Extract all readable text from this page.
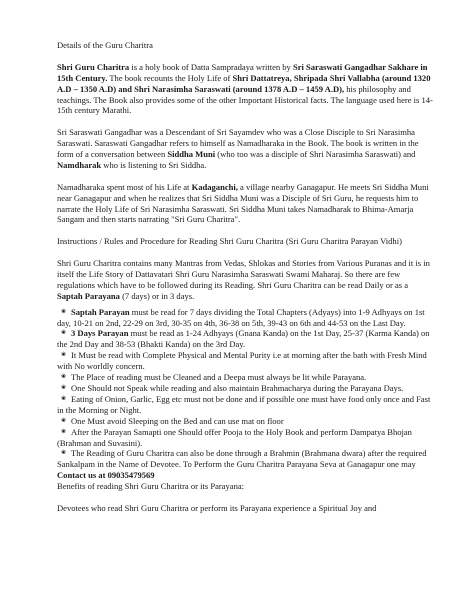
Details of the Guru Charitra

Shri Guru Charitra is a holy book of Datta Sampradaya written by Sri Saraswati Gangadhar Sakhare in 15th Century. The book recounts the Holy Life of Shri Dattatreya, Shripada Shri Vallabha (around 1320 A.D – 1350 A.D) and Shri Narasimha Saraswati (around 1378 A.D – 1459 A.D), his philosophy and teachings. The Book also provides some of the other Important Historical facts. The language used here is 14-15th century Marathi.

Sri Saraswati Gangadhar was a Descendant of Sri Sayamdev who was a Close Disciple to Sri Narasimha Saraswati. Saraswati Gangadhar refers to himself as Namadharaka in the Book. The book is written in the form of a conversation between Siddha Muni (who too was a disciple of Shri Narasimha Saraswati) and Namdharak who is listening to Sri Siddha.

Namadharaka spent most of his Life at Kadaganchi, a village nearby Ganagapur. He meets Sri Siddha Muni near Ganagapur and when he realizes that Sri Siddha Muni was a Disciple of Sri Guru, he requests him to narrate the Holy Life of Sri Narasimha Saraswati. Sri Siddha Muni takes Namadharak to Bhima-Amarja Sangam and then starts narrating "Sri Guru Charitra".

Instructions / Rules and Procedure for Reading Shri Guru Charitra (Sri Guru Charitra Parayan Vidhi)

Shri Guru Charitra contains many Mantras from Vedas, Shlokas and Stories from Various Puranas and it is in itself the Life Story of Dattavatari Shri Guru Narasimha Saraswati Swami Maharaj. So there are few regulations which have to be followed during its Reading. Shri Guru Charitra can be read Daily or as a Saptah Parayana (7 days) or in 3 days.

❀ Saptah Parayan must be read for 7 days dividing the Total Chapters (Adyays) into 1-9 Adhyays on 1st day, 10-21 on 2nd, 22-29 on 3rd, 30-35 on 4th, 36-38 on 5th, 39-43 on 6th and 44-53 on the Last Day.
❀ 3 Days Parayan must be read as 1-24 Adhyays (Gnana Kanda) on the 1st Day, 25-37 (Karma Kanda) on the 2nd Day and 38-53 (Bhakti Kanda) on the 3rd Day.
❀ It Must be read with Complete Physical and Mental Purity i.e at morning after the bath with Fresh Mind with No worldly concern.
❀ The Place of reading must be Cleaned and a Deepa must always be lit while Parayana.
❀ One Should not Speak while reading and also maintain Brahmacharya during the Parayana Days.
❀ Eating of Onion, Garlic, Egg etc must not be done and if possible one must have food only once and Fast in the Morning or Night.
❀ One Must avoid Sleeping on the Bed and can use mat on floor
❀ After the Parayan Samapti one Should offer Pooja to the Holy Book and perform Dampatya Bhojan (Brahman and Suvasini).
❀ The Reading of Guru Charitra can also be done through a Brahmin (Brahmana dwara) after the required Sankalpam in the Name of Devotee. To Perform the Guru Charitra Parayana Seva at Ganagapur one may Contact us at 09035479569

Benefits of reading Shri Guru Charitra or its Parayana:

Devotees who read Shri Guru Charitra or perform its Parayana experience a Spiritual Joy and
